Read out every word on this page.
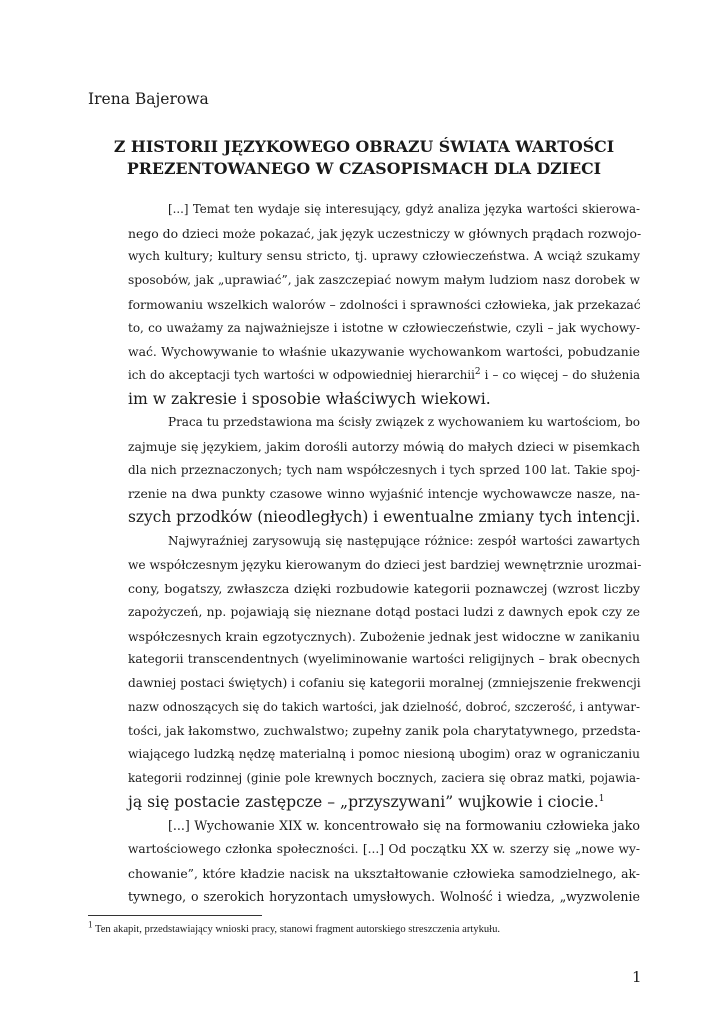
Irena Bajerowa
Z HISTORII JĘZYKOWEGO OBRAZU ŚWIATA WARTOŚCI
PREZENTOWANEGO W CZASOPISMACH DLA DZIECI
[...] Temat ten wydaje się interesujący, gdyż analiza języka wartości skierowa-
nego do dzieci może pokazać, jak język uczestniczy w głównych prądach rozwojo-
wych kultury; kultury sensu stricto, tj. uprawy człowieczeństwa. A wciąż szukamy
sposobów, jak „uprawiać”, jak zaszczepiać nowym małym ludziom nasz dorobek w
formowaniu wszelkich walorów – zdolności i sprawności człowieka, jak przekazać
to, co uważamy za najważniejsze i istotne w człowieczeństwie, czyli – jak wychowy-
wać. Wychowywanie to właśnie ukazywanie wychowankom wartości, pobudzanie
ich do akceptacji tych wartości w odpowiedniej hierarchii$^2$ i – co więcej – do służenia
im w zakresie i sposobie właściwych wiekowi.
Praca tu przedstawiona ma ścisły związek z wychowaniem ku wartościom, bo
zajmuje się językiem, jakim dorośli autorzy mówią do małych dzieci w pisemkach
dla nich przeznaczonych; tych nam współczesnych i tych sprzed 100 lat. Takie spoj-
rzenie na dwa punkty czasowe winno wyjaśnić intencje wychowawcze nasze, na-
szych przodków (nieodległych) i ewentualne zmiany tych intencji.
Najwyraźniej zarysowują się następujące różnice: zespół wartości zawartych
we współczesnym języku kierowanym do dzieci jest bardziej wewnętrznie urozmai-
cony, bogatszy, zwłaszcza dzięki rozbudowie kategorii poznawczej (wzrost liczby
zapożyczeń, np. pojawiają się nieznane dotąd postaci ludzi z dawnych epok czy ze
współczesnych krain egzotycznych). Zubożenie jednak jest widoczne w zanikaniu
kategorii transcendentnych (wyeliminowanie wartości religijnych – brak obecnych
dawniej postaci świętych) i cofaniu się kategorii moralnej (zmniejszenie frekwencji
nazw odnoszących się do takich wartości, jak dzielność, dobroć, szczerość, i antywar-
tości, jak łakomstwo, zuchwalstwo; zupełny zanik pola charytatywnego, przedsta-
wiającego ludzką nędzę materialną i pomoc niesioną ubogim) oraz w ograniczaniu
kategorii rodzinnej (ginie pole krewnych bocznych, zaciera się obraz matki, pojawia-
ją się postacie zastępcze – „przyszywani” wujkowie i ciocie.$^1$
[...] Wychowanie XIX w. koncentrowało się na formowaniu człowieka jako
wartościowego członka społeczności. [...] Od początku XX w. szerzy się „nowe wy-
chowanie”, które kładzie nacisk na ukształtowanie człowieka samodzielnego, ak-
tywnego, o szerokich horyzontach umysłowych. Wolność i wiedza, „wyzwolenie
$^1$ Ten akapit, przedstawiający wnioski pracy, stanowi fragment autorskiego streszczenia artykułu.
1
